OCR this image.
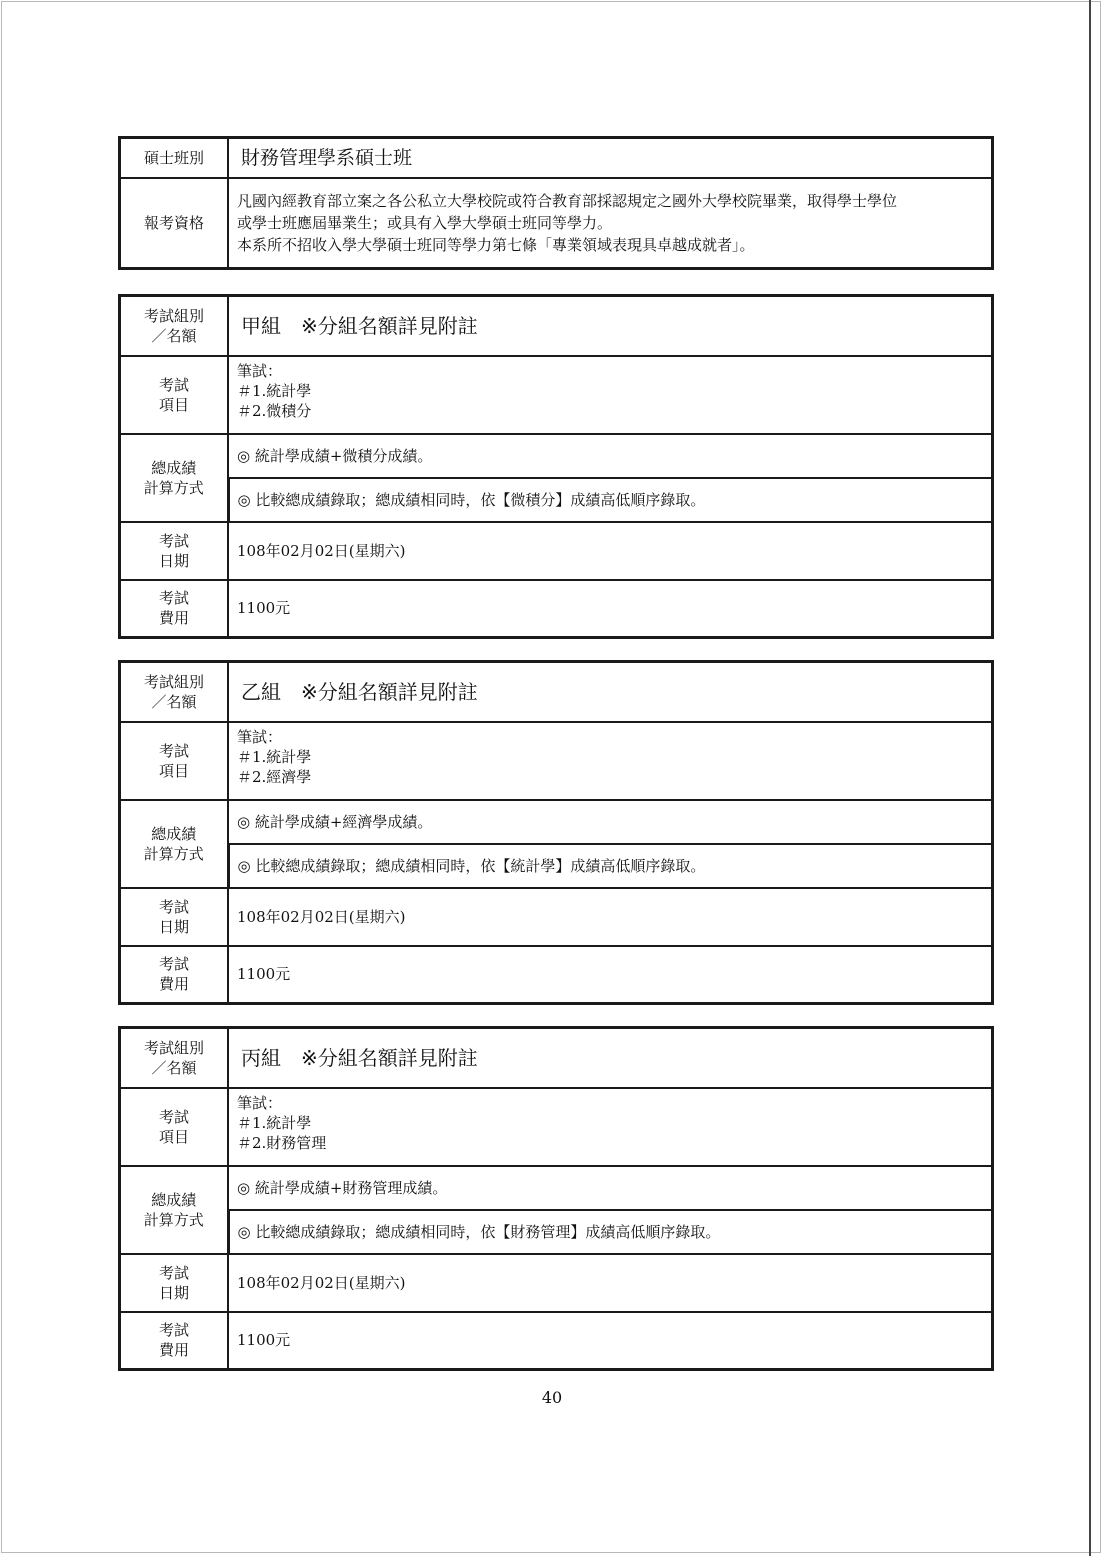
碩士班別	財務管理學系碩士班
報考資格	凡國內經教育部立案之各公私立大學校院或符合教育部採認規定之國外大學校院畢業，取得學士學位
或學士班應屆畢業生；或具有入學大學碩士班同等學力。
本系所不招收入學大學碩士班同等學力第七條「專業領域表現具卓越成就者」。
考試組別
／名額	甲組　※分組名額詳見附註

考試
項目	筆試：
＃1.統計學
＃2.微積分

總成績
計算方式	◎ 統計學成績+微積分成績。
	◎ 比較總成績錄取；總成績相同時，依【微積分】成績高低順序錄取。

考試
日期	108年02月02日(星期六)

考試
費用	1100元
考試組別
／名額	乙組　※分組名額詳見附註

考試
項目	筆試：
＃1.統計學
＃2.經濟學

總成績
計算方式	◎ 統計學成績+經濟學成績。
	◎ 比較總成績錄取；總成績相同時，依【統計學】成績高低順序錄取。

考試
日期	108年02月02日(星期六)

考試
費用	1100元
考試組別
／名額	丙組　※分組名額詳見附註

考試
項目	筆試：
＃1.統計學
＃2.財務管理

總成績
計算方式	◎ 統計學成績+財務管理成績。
	◎ 比較總成績錄取；總成績相同時，依【財務管理】成績高低順序錄取。

考試
日期	108年02月02日(星期六)

考試
費用	1100元
40
